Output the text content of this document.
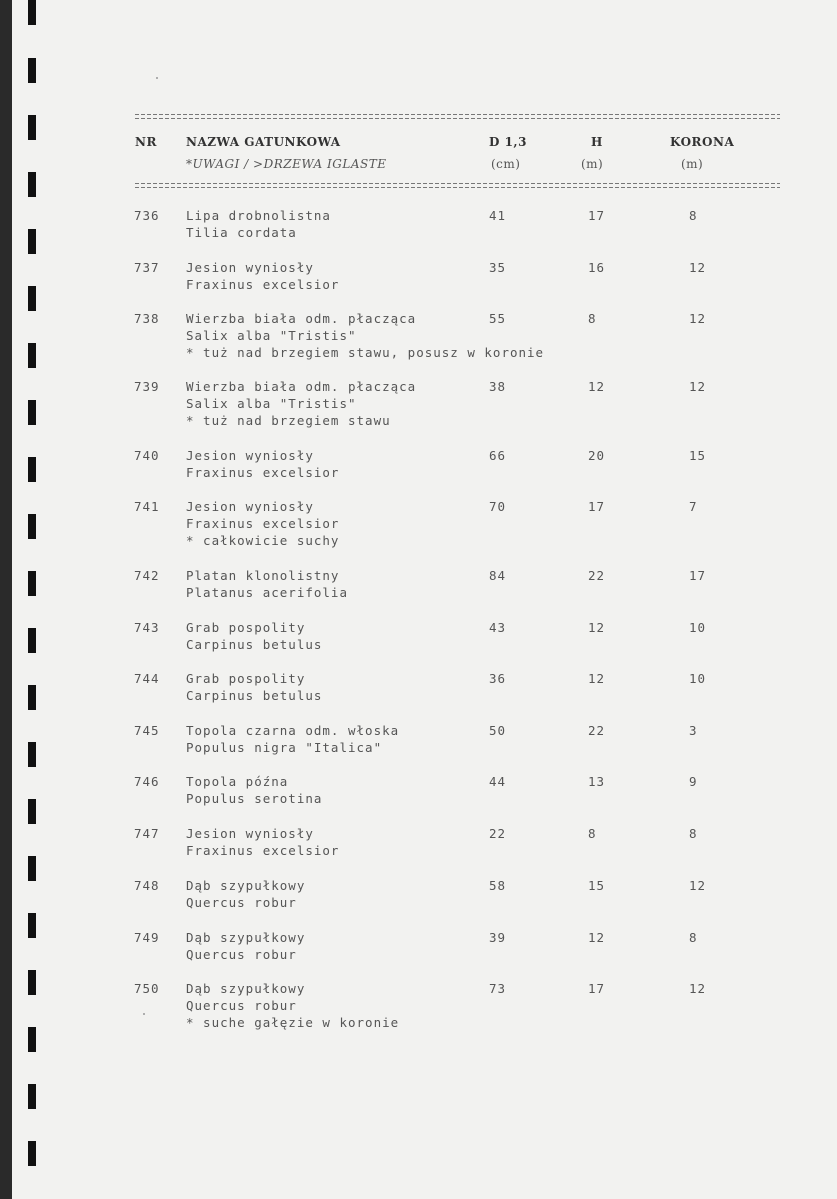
NR NAZWA GATUNKOWA	D 1,3	H	KORONA
*UWAGI / >DRZEWA IGLASTE	(cm)	(m)	(m)
736 Lipa drobnolistna
Tilia cordata
41	17	8
737 Jesion wyniosły
Fraxinus excelsior
35	16	12
738 Wierzba biała odm. płacząca
Salix alba "Tristis"
* tuż nad brzegiem stawu, posusz w koronie
55	8	12
739 Wierzba biała odm. płacząca
Salix alba "Tristis"
* tuż nad brzegiem stawu
38	12	12
740 Jesion wyniosły
Fraxinus excelsior
66	20	15
741 Jesion wyniosły
Fraxinus excelsior
* całkowicie suchy
70	17	7
742 Platan klonolistny
Platanus acerifolia
84	22	17
743 Grab pospolity
Carpinus betulus
43	12	10
744 Grab pospolity
Carpinus betulus
36	12	10
745 Topola czarna odm. włoska
Populus nigra "Italica"
50	22	3
746 Topola późna
Populus serotina
44	13	9
747 Jesion wyniosły
Fraxinus excelsior
22	8	8
748 Dąb szypułkowy
Quercus robur
58	15	12
749 Dąb szypułkowy
Quercus robur
39	12	8
750 Dąb szypułkowy
Quercus robur
* suche gałęzie w koronie
73	17	12
